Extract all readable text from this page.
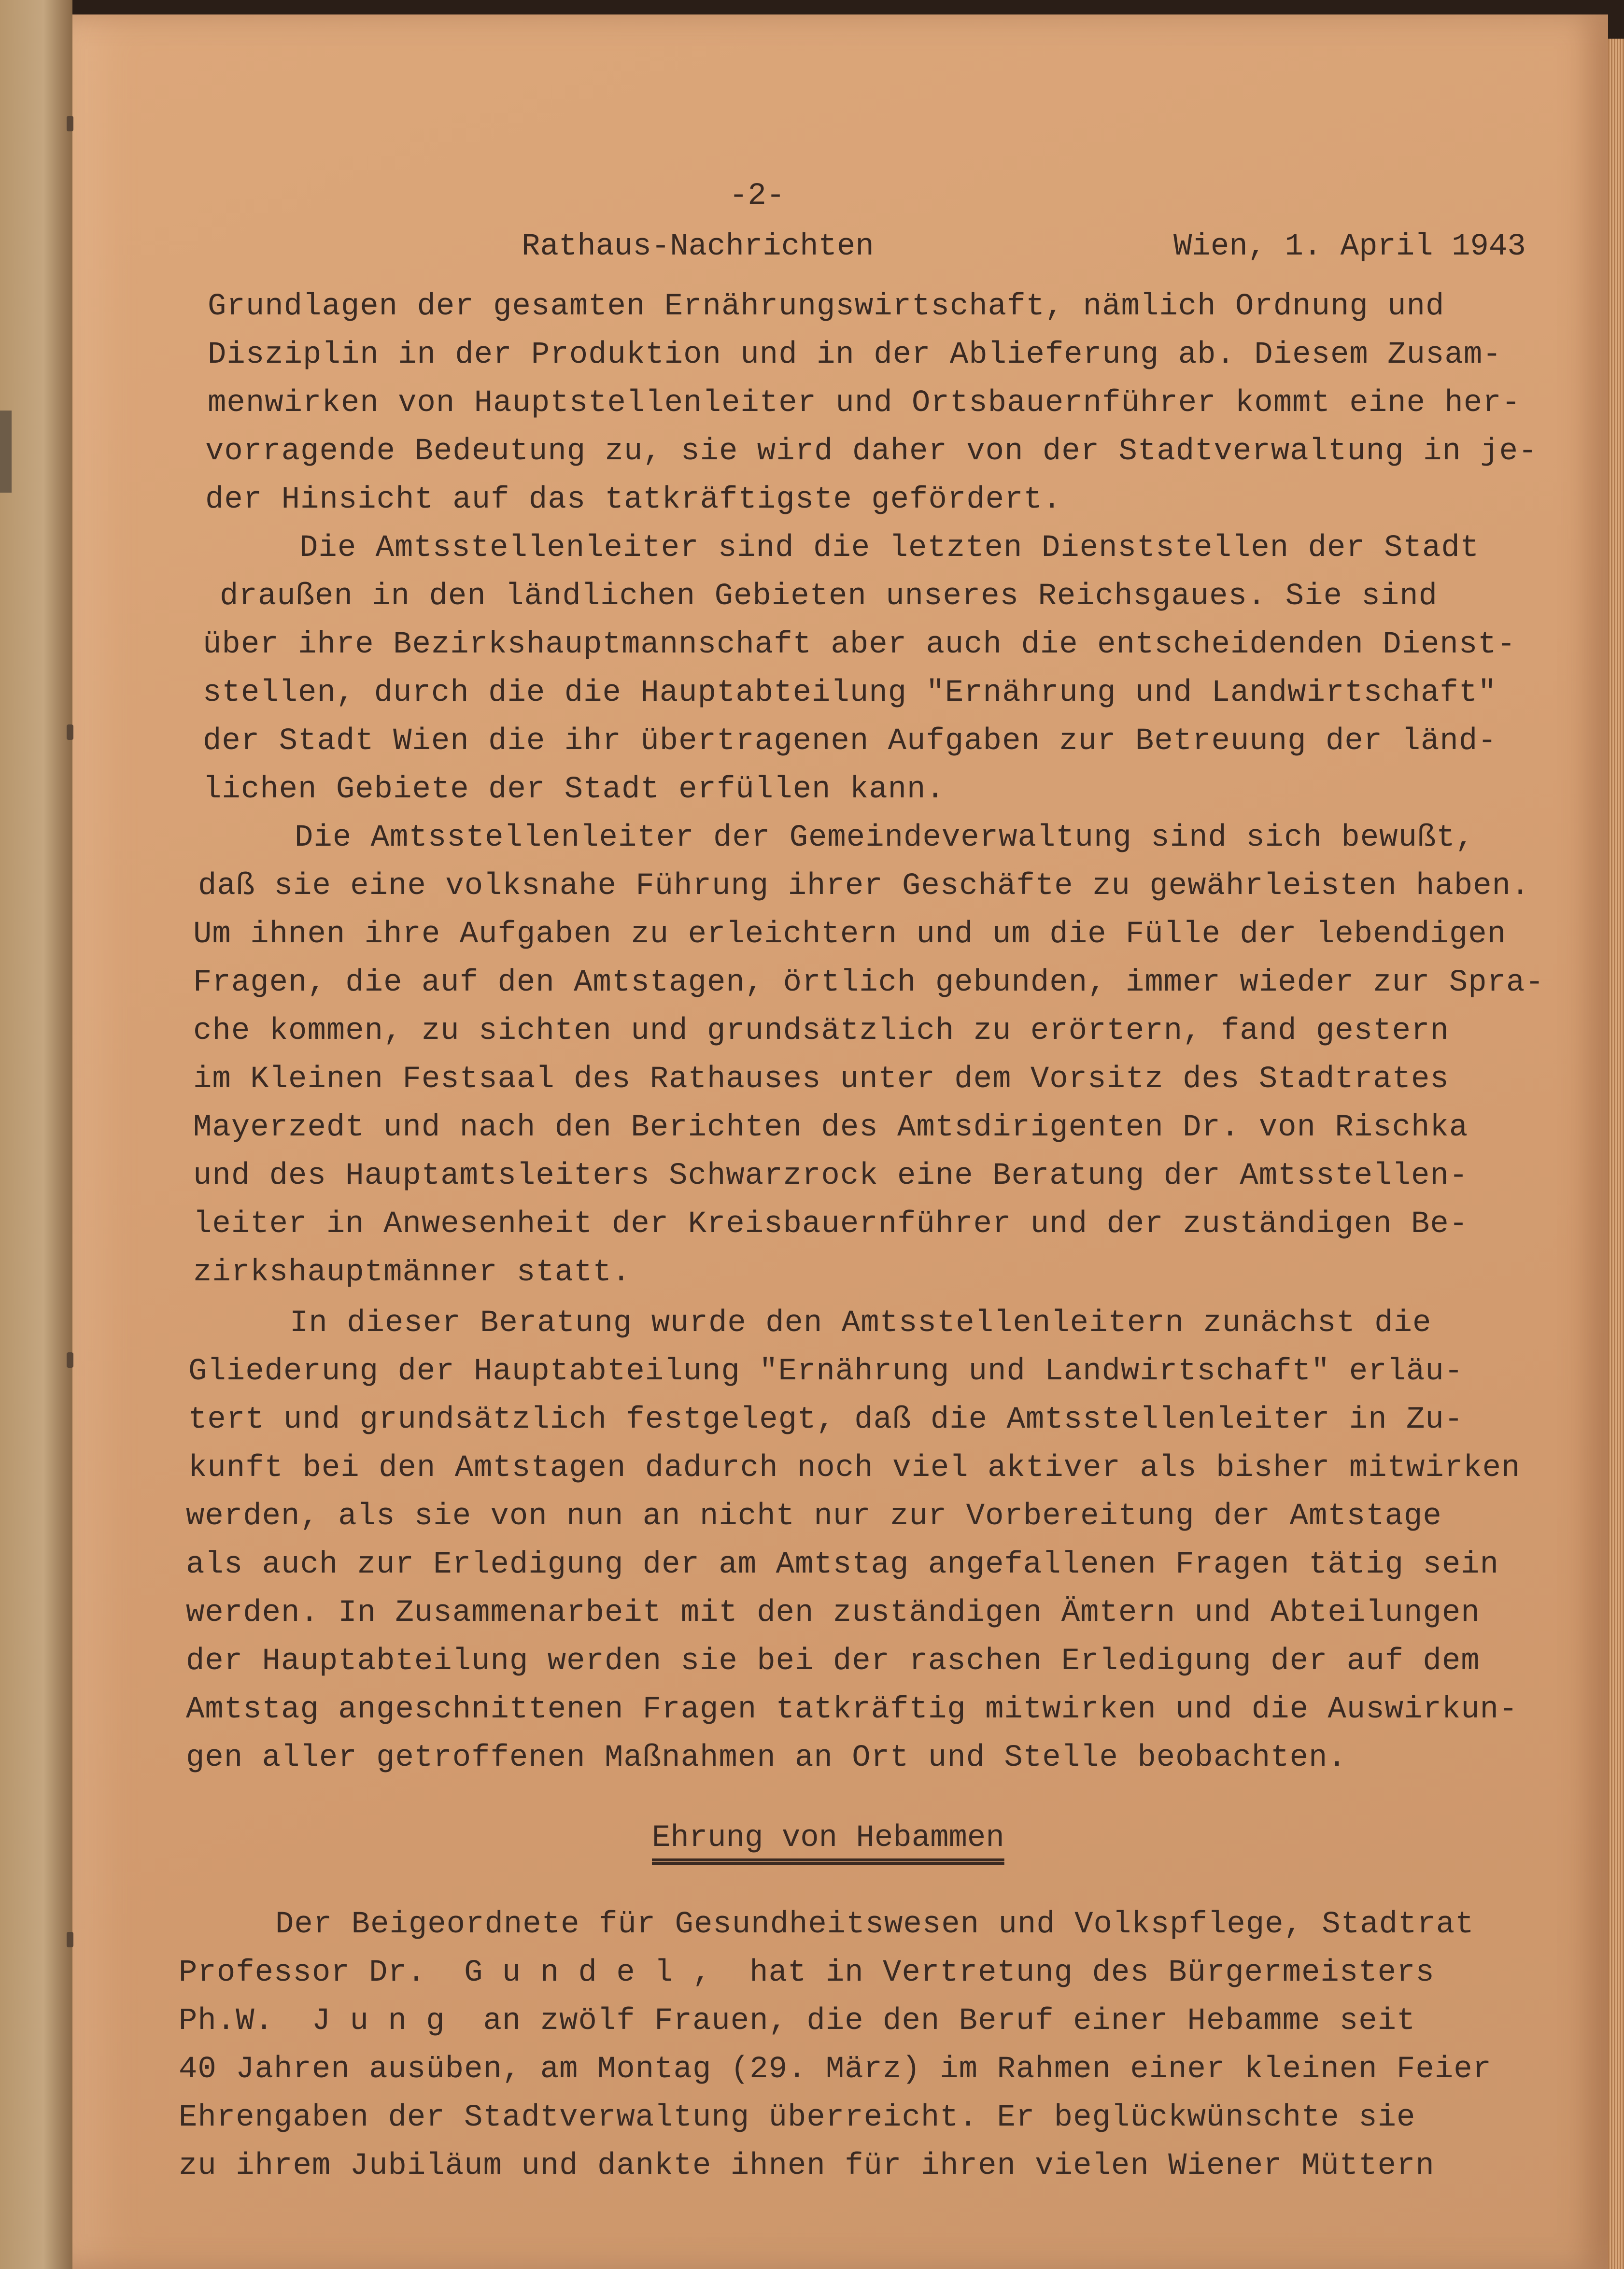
-2-
Rathaus-Nachrichten	Wien, 1. April 1943
Grundlagen der gesamten Ernährungswirtschaft, nämlich Ordnung und
Disziplin in der Produktion und in der Ablieferung ab. Diesem Zusam-
menwirken von Hauptstellenleiter und Ortsbauernführer kommt eine her-
vorragende Bedeutung zu, sie wird daher von der Stadtverwaltung in je-
der Hinsicht auf das tatkräftigste gefördert.
Die Amtsstellenleiter sind die letzten Dienststellen der Stadt
draußen in den ländlichen Gebieten unseres Reichsgaues. Sie sind
über ihre Bezirkshauptmannschaft aber auch die entscheidenden Dienst-
stellen, durch die die Hauptabteilung "Ernährung und Landwirtschaft"
der Stadt Wien die ihr übertragenen Aufgaben zur Betreuung der länd-
lichen Gebiete der Stadt erfüllen kann.
Die Amtsstellenleiter der Gemeindeverwaltung sind sich bewußt,
daß sie eine volksnahe Führung ihrer Geschäfte zu gewährleisten haben.
Um ihnen ihre Aufgaben zu erleichtern und um die Fülle der lebendigen
Fragen, die auf den Amtstagen, örtlich gebunden, immer wieder zur Spra-
che kommen, zu sichten und grundsätzlich zu erörtern, fand gestern
im Kleinen Festsaal des Rathauses unter dem Vorsitz des Stadtrates
Mayerzedt und nach den Berichten des Amtsdirigenten Dr. von Rischka
und des Hauptamtsleiters Schwarzrock eine Beratung der Amtsstellen-
leiter in Anwesenheit der Kreisbauernführer und der zuständigen Be-
zirkshauptmänner statt.
In dieser Beratung wurde den Amtsstellenleitern zunächst die
Gliederung der Hauptabteilung "Ernährung und Landwirtschaft" erläu-
tert und grundsätzlich festgelegt, daß die Amtsstellenleiter in Zu-
kunft bei den Amtstagen dadurch noch viel aktiver als bisher mitwirken
werden, als sie von nun an nicht nur zur Vorbereitung der Amtstage
als auch zur Erledigung der am Amtstag angefallenen Fragen tätig sein
werden. In Zusammenarbeit mit den zuständigen Ämtern und Abteilungen
der Hauptabteilung werden sie bei der raschen Erledigung der auf dem
Amtstag angeschnittenen Fragen tatkräftig mitwirken und die Auswirkun-
gen aller getroffenen Maßnahmen an Ort und Stelle beobachten.
Ehrung von Hebammen
Der Beigeordnete für Gesundheitswesen und Volkspflege, Stadtrat
Professor Dr.  G u n d e l ,  hat in Vertretung des Bürgermeisters
Ph.W.  J u n g  an zwölf Frauen, die den Beruf einer Hebamme seit
40 Jahren ausüben, am Montag (29. März) im Rahmen einer kleinen Feier
Ehrengaben der Stadtverwaltung überreicht. Er beglückwünschte sie
zu ihrem Jubiläum und dankte ihnen für ihren vielen Wiener Müttern
